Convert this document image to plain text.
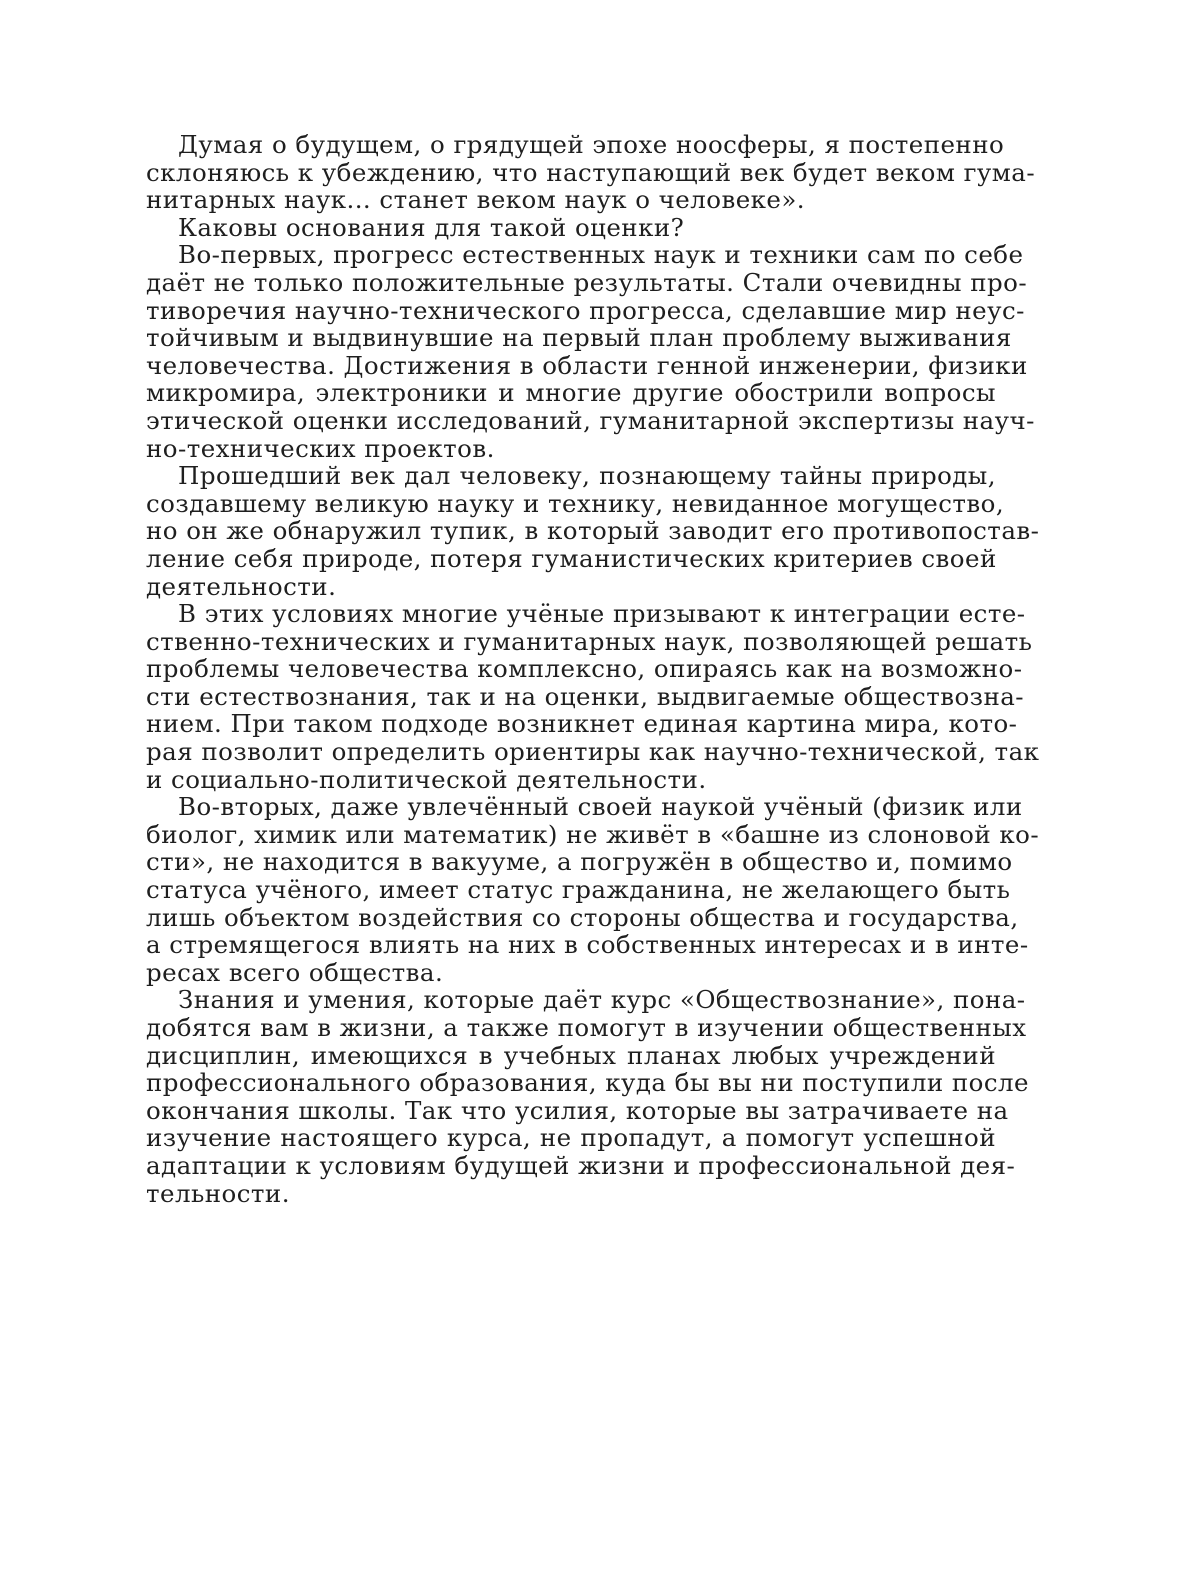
Думая о будущем, о грядущей эпохе ноосферы, я постепенно
склоняюсь к убеждению, что наступающий век будет веком гума-
нитарных наук... станет веком наук о человеке».
Каковы основания для такой оценки?
Во-первых, прогресс естественных наук и техники сам по себе
даёт не только положительные результаты. Стали очевидны про-
тиворечия научно-технического прогресса, сделавшие мир неус-
тойчивым и выдвинувшие на первый план проблему выживания
человечества. Достижения в области генной инженерии, физики
микромира, электроники и многие другие обострили вопросы
этической оценки исследований, гуманитарной экспертизы науч-
но-технических проектов.
Прошедший век дал человеку, познающему тайны природы,
создавшему великую науку и технику, невиданное могущество,
но он же обнаружил тупик, в который заводит его противопостав-
ление себя природе, потеря гуманистических критериев своей
деятельности.
В этих условиях многие учёные призывают к интеграции есте-
ственно-технических и гуманитарных наук, позволяющей решать
проблемы человечества комплексно, опираясь как на возможно-
сти естествознания, так и на оценки, выдвигаемые обществозна-
нием. При таком подходе возникнет единая картина мира, кото-
рая позволит определить ориентиры как научно-технической, так
и социально-политической деятельности.
Во-вторых, даже увлечённый своей наукой учёный (физик или
биолог, химик или математик) не живёт в «башне из слоновой ко-
сти», не находится в вакууме, а погружён в общество и, помимо
статуса учёного, имеет статус гражданина, не желающего быть
лишь объектом воздействия со стороны общества и государства,
а стремящегося влиять на них в собственных интересах и в инте-
ресах всего общества.
Знания и умения, которые даёт курс «Обществознание», пона-
добятся вам в жизни, а также помогут в изучении общественных
дисциплин, имеющихся в учебных планах любых учреждений
профессионального образования, куда бы вы ни поступили после
окончания школы. Так что усилия, которые вы затрачиваете на
изучение настоящего курса, не пропадут, а помогут успешной
адаптации к условиям будущей жизни и профессиональной дея-
тельности.
